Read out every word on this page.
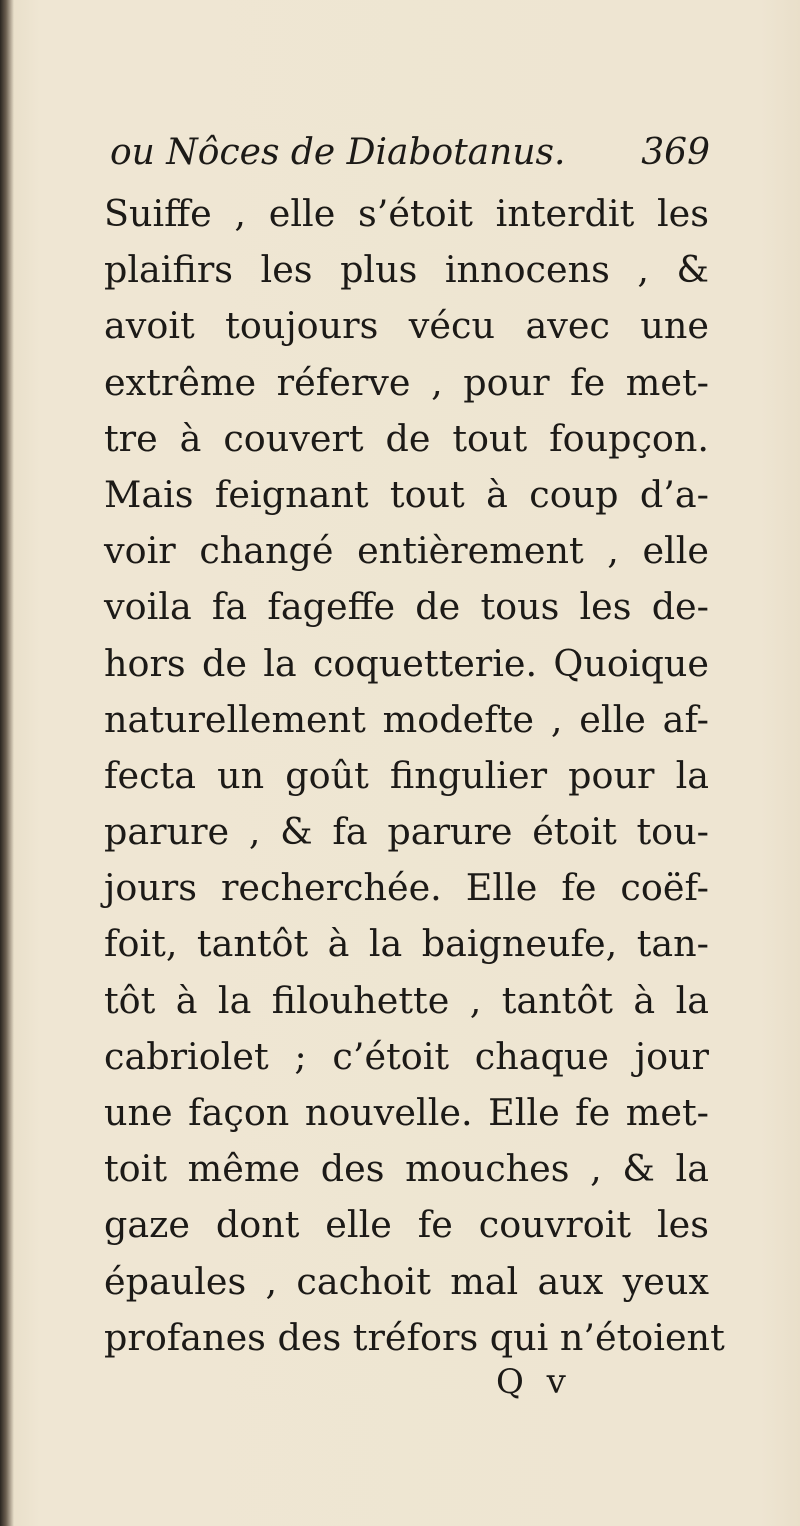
ou Nôces de Diabotanus. 369
Suiffe , elle s’étoit interdit les
plaifirs les plus innocens , &
avoit toujours vécu avec une
extrême réferve , pour fe met-
tre à couvert de tout foupçon.
Mais feignant tout à coup d’a-
voir changé entièrement , elle
voila fa fageffe de tous les de-
hors de la coquetterie. Quoique
naturellement modefte , elle af-
fecta un goût fingulier pour la
parure , & fa parure étoit tou-
jours recherchée. Elle fe coëf-
foit, tantôt à la baigneufe, tan-
tôt à la filouhette , tantôt à la
cabriolet ; c’étoit chaque jour
une façon nouvelle. Elle fe met-
toit même des mouches , & la
gaze dont elle fe couvroit les
épaules , cachoit mal aux yeux
profanes des tréfors qui n’étoient
Q v
